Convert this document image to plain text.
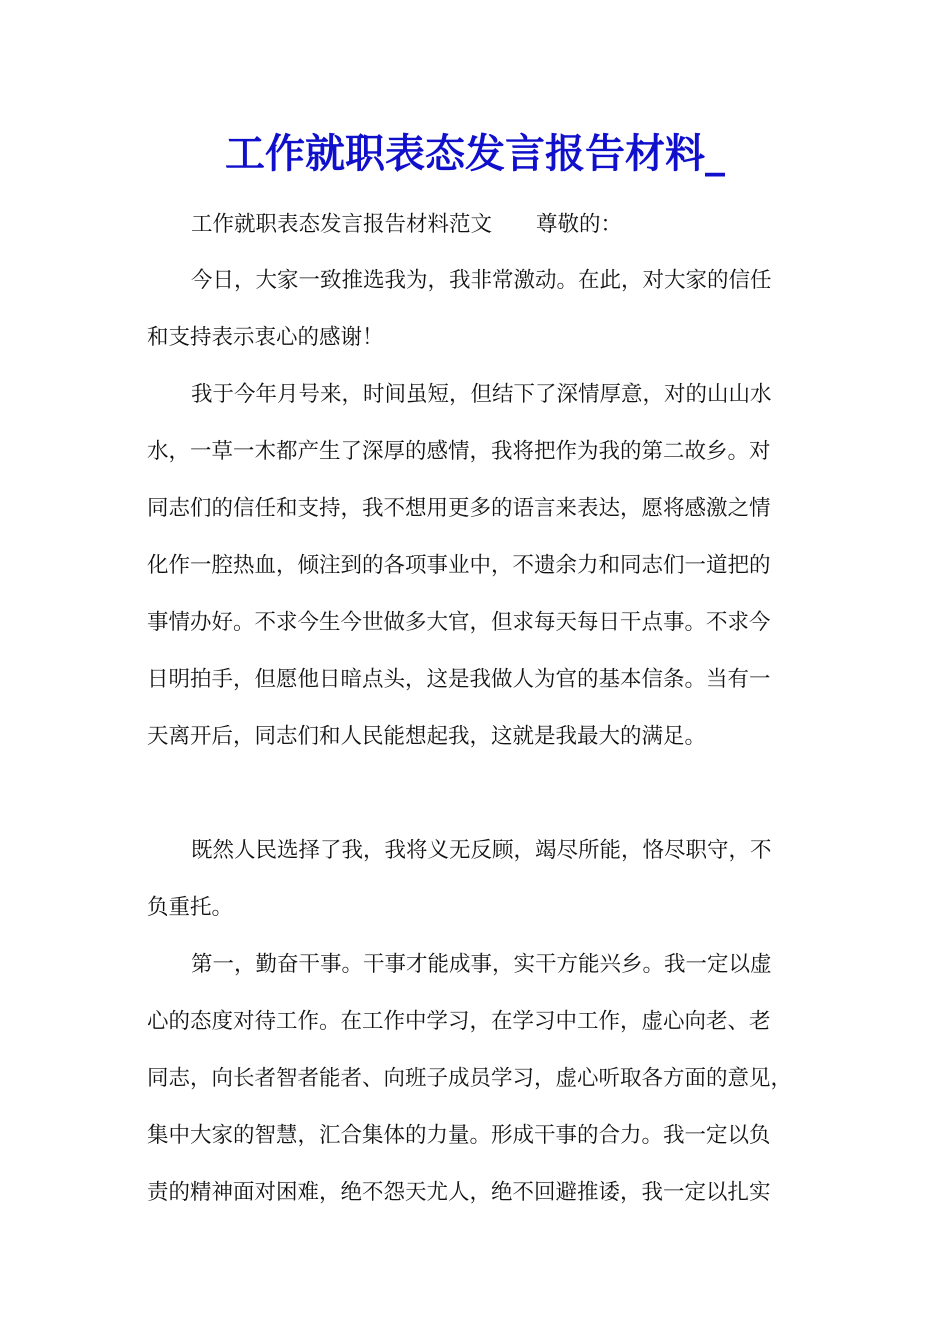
工作就职表态发言报告材料_
工作就职表态发言报告材料范文 尊敬的：
今日，大家一致推选我为，我非常激动。在此，对大家的信任
和支持表示衷心的感谢！
我于今年月号来，时间虽短，但结下了深情厚意，对的山山水
水，一草一木都产生了深厚的感情，我将把作为我的第二故乡。对
同志们的信任和支持，我不想用更多的语言来表达，愿将感激之情
化作一腔热血，倾注到的各项事业中，不遗余力和同志们一道把的
事情办好。不求今生今世做多大官，但求每天每日干点事。不求今
日明拍手，但愿他日暗点头，这是我做人为官的基本信条。当有一
天离开后，同志们和人民能想起我，这就是我最大的满足。
既然人民选择了我，我将义无反顾，竭尽所能，恪尽职守，不
负重托。
第一，勤奋干事。干事才能成事，实干方能兴乡。我一定以虚
心的态度对待工作。在工作中学习，在学习中工作，虚心向老、老
同志，向长者智者能者、向班子成员学习，虚心听取各方面的意见，
集中大家的智慧，汇合集体的力量。形成干事的合力。我一定以负
责的精神面对困难，绝不怨天尤人，绝不回避推诿，我一定以扎实
